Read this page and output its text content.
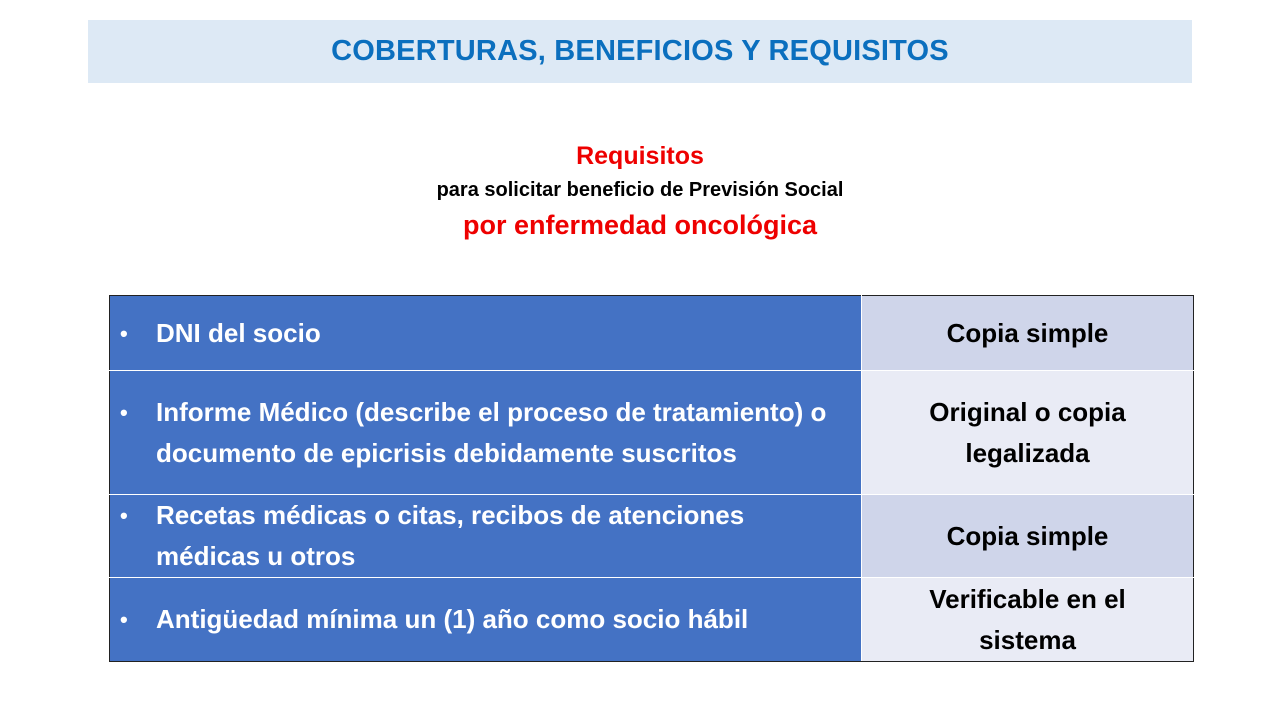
COBERTURAS, BENEFICIOS Y REQUISITOS
Requisitos
para solicitar beneficio de Previsión Social
por enfermedad oncológica
• DNI del socio	Copia simple

• Informe Médico (describe el proceso de tratamiento) o documento de epicrisis debidamente suscritos	Original o copia legalizada

• Recetas médicas o citas, recibos de atenciones médicas u otros	Copia simple

• Antigüedad mínima un (1) año como socio hábil	Verificable en el sistema
